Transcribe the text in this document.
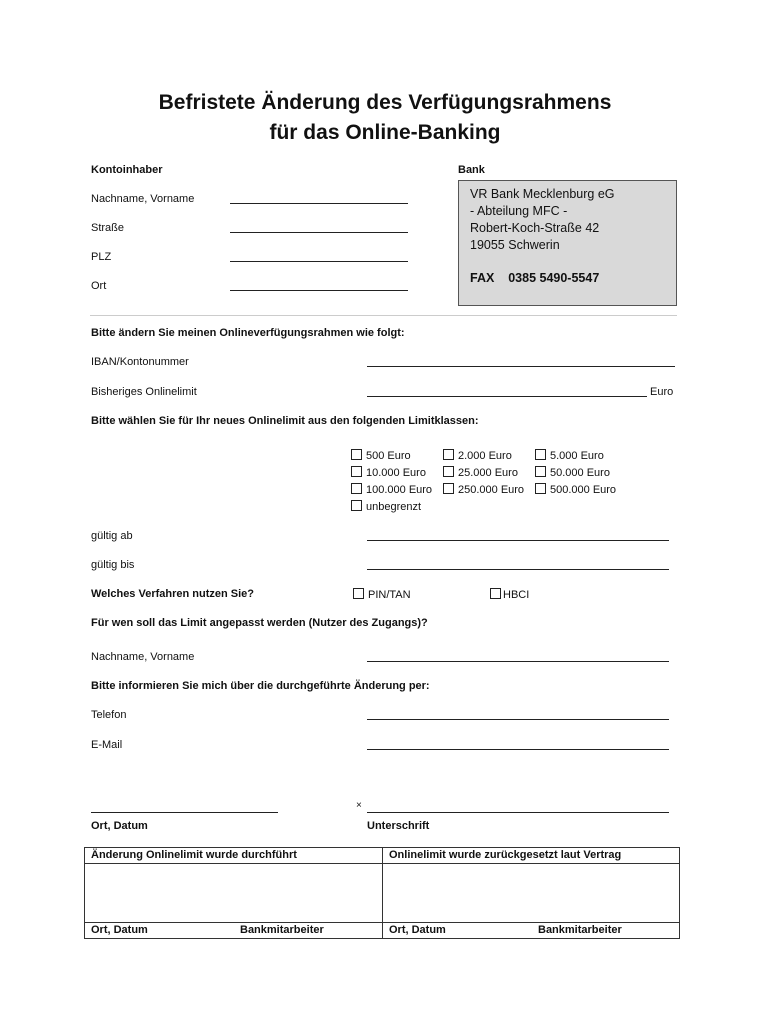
Befristete Änderung des Verfügungsrahmens
für das Online-Banking
Kontoinhaber
Nachname, Vorname
Straße
PLZ
Ort
Bank
VR Bank Mecklenburg eG
- Abteilung MFC -
Robert-Koch-Straße 42
19055 Schwerin
FAX 0385 5490-5547
Bitte ändern Sie meinen Onlineverfügungsrahmen wie folgt:
IBAN/Kontonummer
Bisheriges Onlinelimit	Euro
Bitte wählen Sie für Ihr neues Onlinelimit aus den folgenden Limitklassen:
500 Euro	2.000 Euro	5.000 Euro
10.000 Euro	25.000 Euro	50.000 Euro
100.000 Euro	250.000 Euro	500.000 Euro
unbegrenzt
gültig ab
gültig bis
Welches Verfahren nutzen Sie?	PIN/TAN	HBCI
Für wen soll das Limit angepasst werden (Nutzer des Zugangs)?
Nachname, Vorname
Bitte informieren Sie mich über die durchgeführte Änderung per:
Telefon
E-Mail
×
Ort, Datum	Unterschrift
Änderung Onlinelimit wurde durchführt	Onlinelimit wurde zurückgesetzt laut Vertrag
Ort, Datum	Bankmitarbeiter	Ort, Datum	Bankmitarbeiter
